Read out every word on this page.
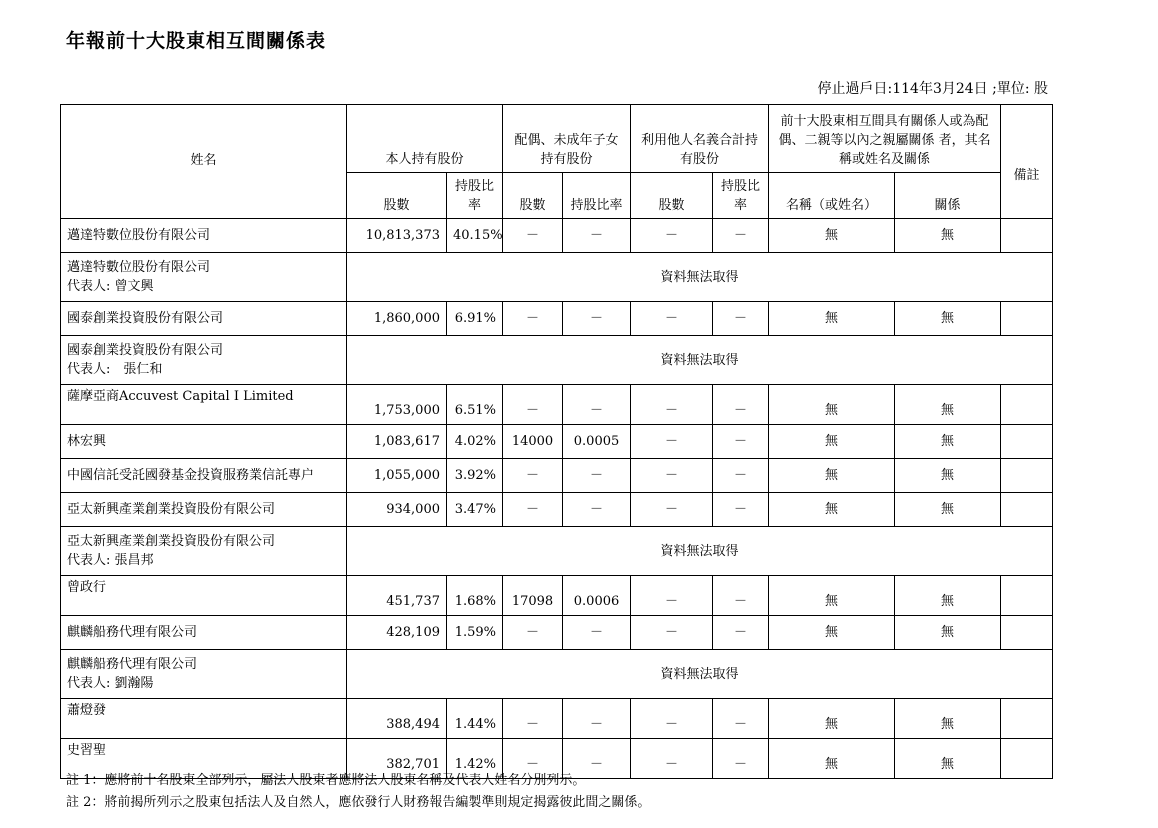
年報前十大股東相互間關係表
停止過戶日:114年3月24日 ;單位: 股
姓名	本人持有股份		配偶、未成年子女持有股份		利用他人名義合計持有股份		前十大股東相互間具有關係人或為配偶、二親等以內之親屬關係 者，其名稱或姓名及關係		備註
	股數	持股比率	股數	持股比率	股數	持股比率	名稱（或姓名）	關係	
邁達特數位股份有限公司	10,813,373	40.15%	－	－	－	－	無	無	

邁達特數位股份有限公司
代表人: 曾文興	資料無法取得								
國泰創業投資股份有限公司	1,860,000	6.91%	－	－	－	－	無	無	

國泰創業投資股份有限公司
代表人:　張仁和	資料無法取得								
薩摩亞商Accuvest Capital I Limited	1,753,000	6.51%	－	－	－	－	無	無	
林宏興	1,083,617	4.02%	14000	0.0005	－	－	無	無	
中國信託受託國發基金投資服務業信託專户	1,055,000	3.92%	－	－	－	－	無	無	
亞太新興產業創業投資股份有限公司	934,000	3.47%	－	－	－	－	無	無	

亞太新興產業創業投資股份有限公司
代表人: 張昌邦	資料無法取得								
曾政行	451,737	1.68%	17098	0.0006	－	－	無	無	
麒麟船務代理有限公司	428,109	1.59%	－	－	－	－	無	無	

麒麟船務代理有限公司
代表人: 劉瀚陽	資料無法取得								
蕭燈發	388,494	1.44%	－	－	－	－	無	無	
史習聖	382,701	1.42%	－	－	－	－	無	無	
註 1：應將前十名股東全部列示，屬法人股東者應將法人股東名稱及代表人姓名分別列示。
註 2：將前揭所列示之股東包括法人及自然人，應依發行人財務報告編製準則規定揭露彼此間之關係。
